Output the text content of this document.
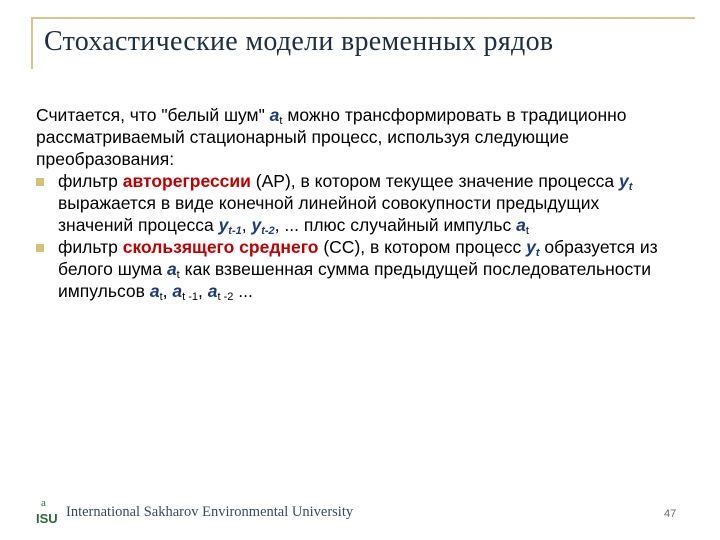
Стохастические модели временных рядов

Считается, что "белый шум" $a_t$ можно трансформировать в традиционно рассматриваемый стационарный процесс, используя следующие преобразования:

фильтр авторегрессии (АР), в котором текущее значение процесса $y_t$ выражается в виде конечной линейной совокупности предыдущих значений процесса $y_{t-1}$, $y_{t-2}$, ... плюс случайный импульс $a_t$
фильтр скользящего среднего (СС), в котором процесс $y_t$ образуется из белого шума $a_t$ как взвешенная сумма предыдущей последовательности импульсов $a_t$, $a_{t -1}$, $a_{t -2}$ ...
a
ISU International Sakharov Environmental University	47
